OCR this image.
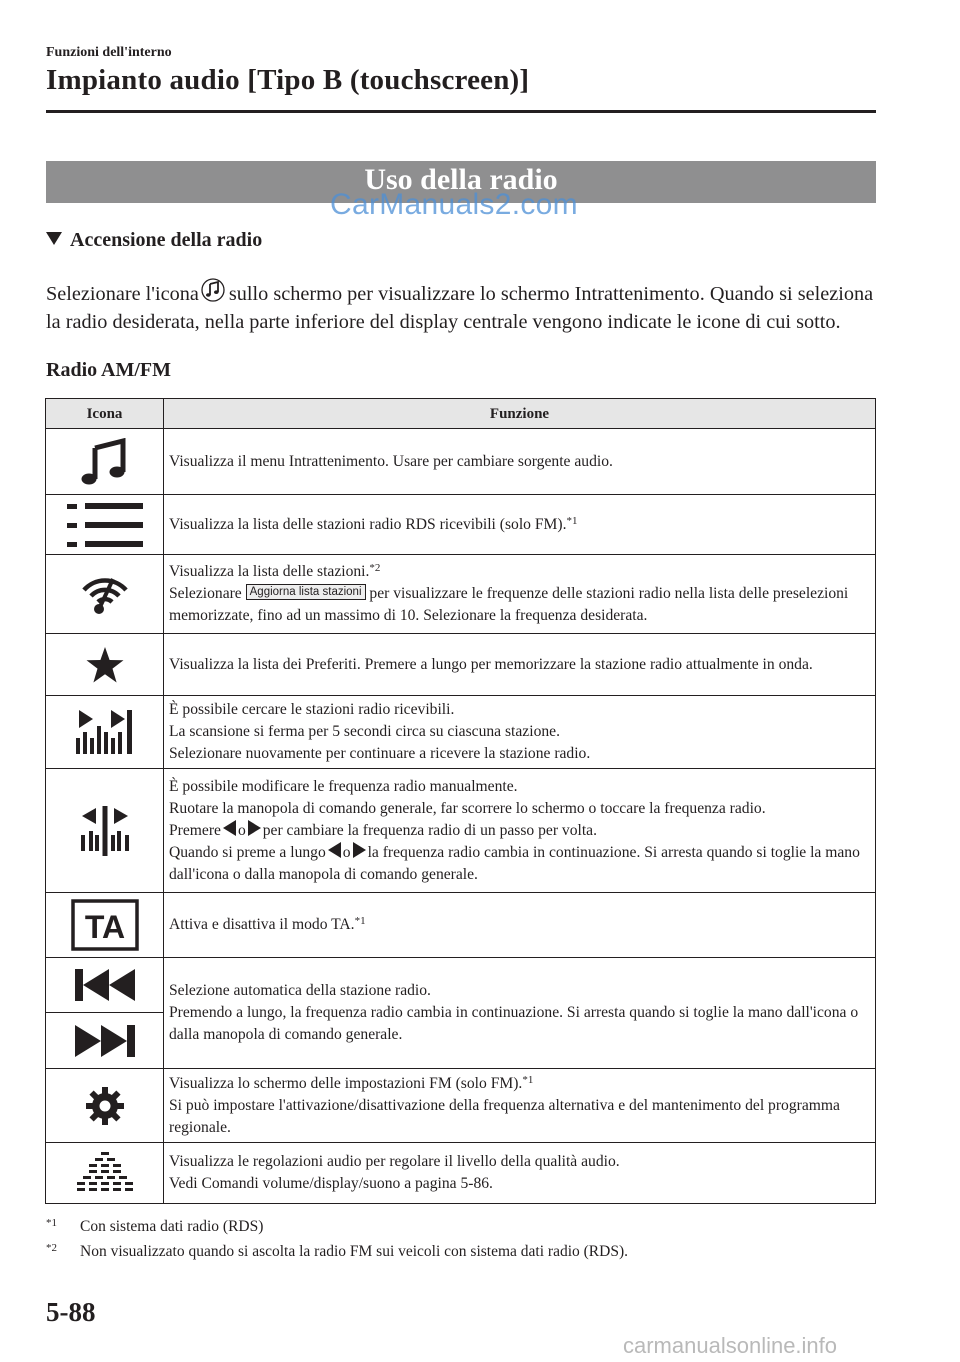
Funzioni dell'interno
Impianto audio [Tipo B (touchscreen)]
Uso della radio
CarManuals2.com
Accensione della radio
Selezionare l'icona sullo schermo per visualizzare lo schermo Intrattenimento. Quando si seleziona la radio desiderata, nella parte inferiore del display centrale vengono indicate le icone di cui sotto.
Radio AM/FM
Icona	Funzione

	Visualizza il menu Intrattenimento. Usare per cambiare sorgente audio.

	Visualizza la lista delle stazioni radio RDS ricevibili (solo FM).$^{*1}$

	Visualizza la lista delle stazioni.$^{*2}$
Selezionare Aggiorna lista stazioni per visualizzare le frequenze delle stazioni radio nella lista delle preselezioni memorizzate, fino ad un massimo di 10. Selezionare la frequenza desiderata.

	Visualizza la lista dei Preferiti. Premere a lungo per memorizzare la stazione radio attualmente in onda.

	È possibile cercare le stazioni radio ricevibili.
La scansione si ferma per 5 secondi circa su ciascuna stazione.
Selezionare nuovamente per continuare a ricevere la stazione radio.

	È possibile modificare le frequenza radio manualmente.
Ruotare la manopola di comando generale, far scorrere lo schermo o toccare la frequenza radio.
Premere o per cambiare la frequenza radio di un passo per volta.
Quando si preme a lungo o la frequenza radio cambia in continuazione. Si arresta quando si toglie la mano dall'icona o dalla manopola di comando generale.

TA	Attiva e disattiva il modo TA.$^{*1}$

	Selezione automatica della stazione radio.
Premendo a lungo, la frequenza radio cambia in continuazione. Si arresta quando si toglie la mano dall'icona o dalla manopola di comando generale.

	Visualizza lo schermo delle impostazioni FM (solo FM).$^{*1}$
Si può impostare l'attivazione/disattivazione della frequenza alternativa e del mantenimento del programma regionale.

	Visualizza le regolazioni audio per regolare il livello della qualità audio.
Vedi Comandi volume/display/suono a pagina 5-86.
$^{*1}$ Con sistema dati radio (RDS)
$^{*2}$ Non visualizzato quando si ascolta la radio FM sui veicoli con sistema dati radio (RDS).
5-88
carmanualsonline.info
